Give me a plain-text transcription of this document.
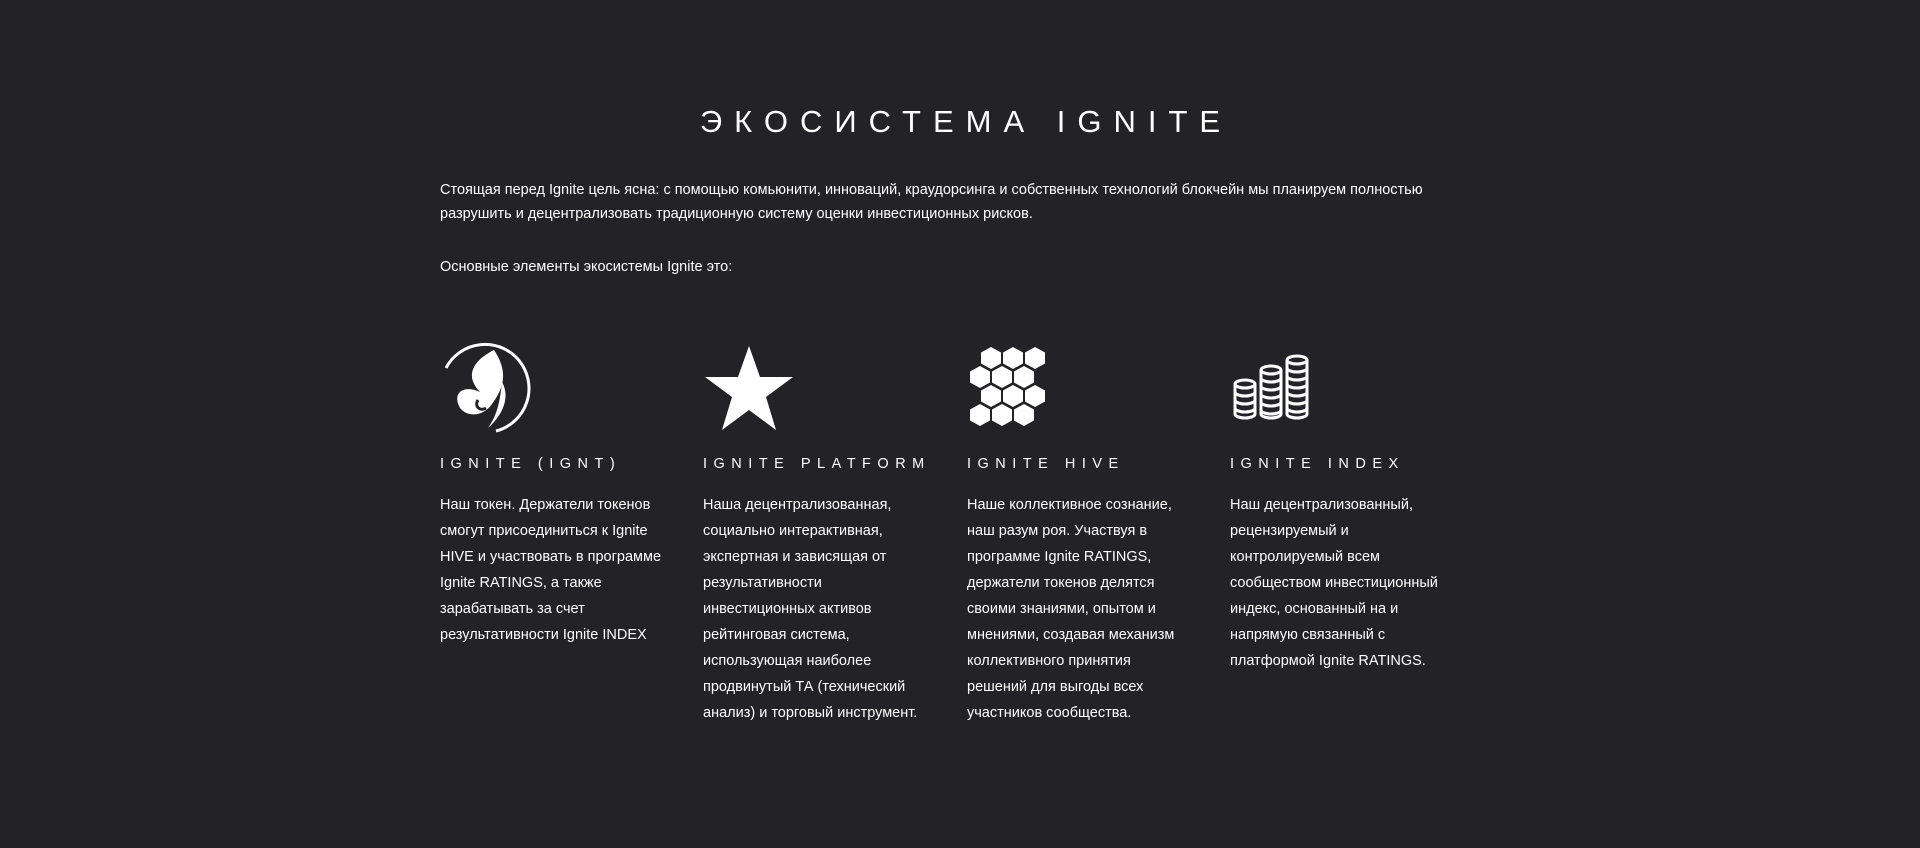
ЭКОСИСТЕМА IGNITE

Стоящая перед Ignite цель ясна: с помощью комьюнити, инноваций, краудорсинга и собственных технологий блокчейн мы планируем полностью разрушить и децентрализовать традиционную систему оценки инвестиционных рисков.

Основные элементы экосистемы Ignite это:

IGNITE (IGNT)

Наш токен. Держатели токенов смогут присоединиться к Ignite HIVE и участвовать в программе Ignite RATINGS, а также зарабатывать за счет результативности Ignite INDEX

IGNITE PLATFORM

Наша децентрализованная, социально интерактивная, экспертная и зависящая от результативности инвестиционных активов рейтинговая система, использующая наиболее продвинутый ТА (технический анализ) и торговый инструмент.

IGNITE HIVE

Наше коллективное сознание, наш разум роя. Участвуя в программе Ignite RATINGS, держатели токенов делятся своими знаниями, опытом и мнениями, создавая механизм коллективного принятия решений для выгоды всех участников сообщества.

IGNITE INDEX

Наш децентрализованный, рецензируемый и контролируемый всем сообществом инвестиционный индекс, основанный на и напрямую связанный с платформой Ignite RATINGS.
